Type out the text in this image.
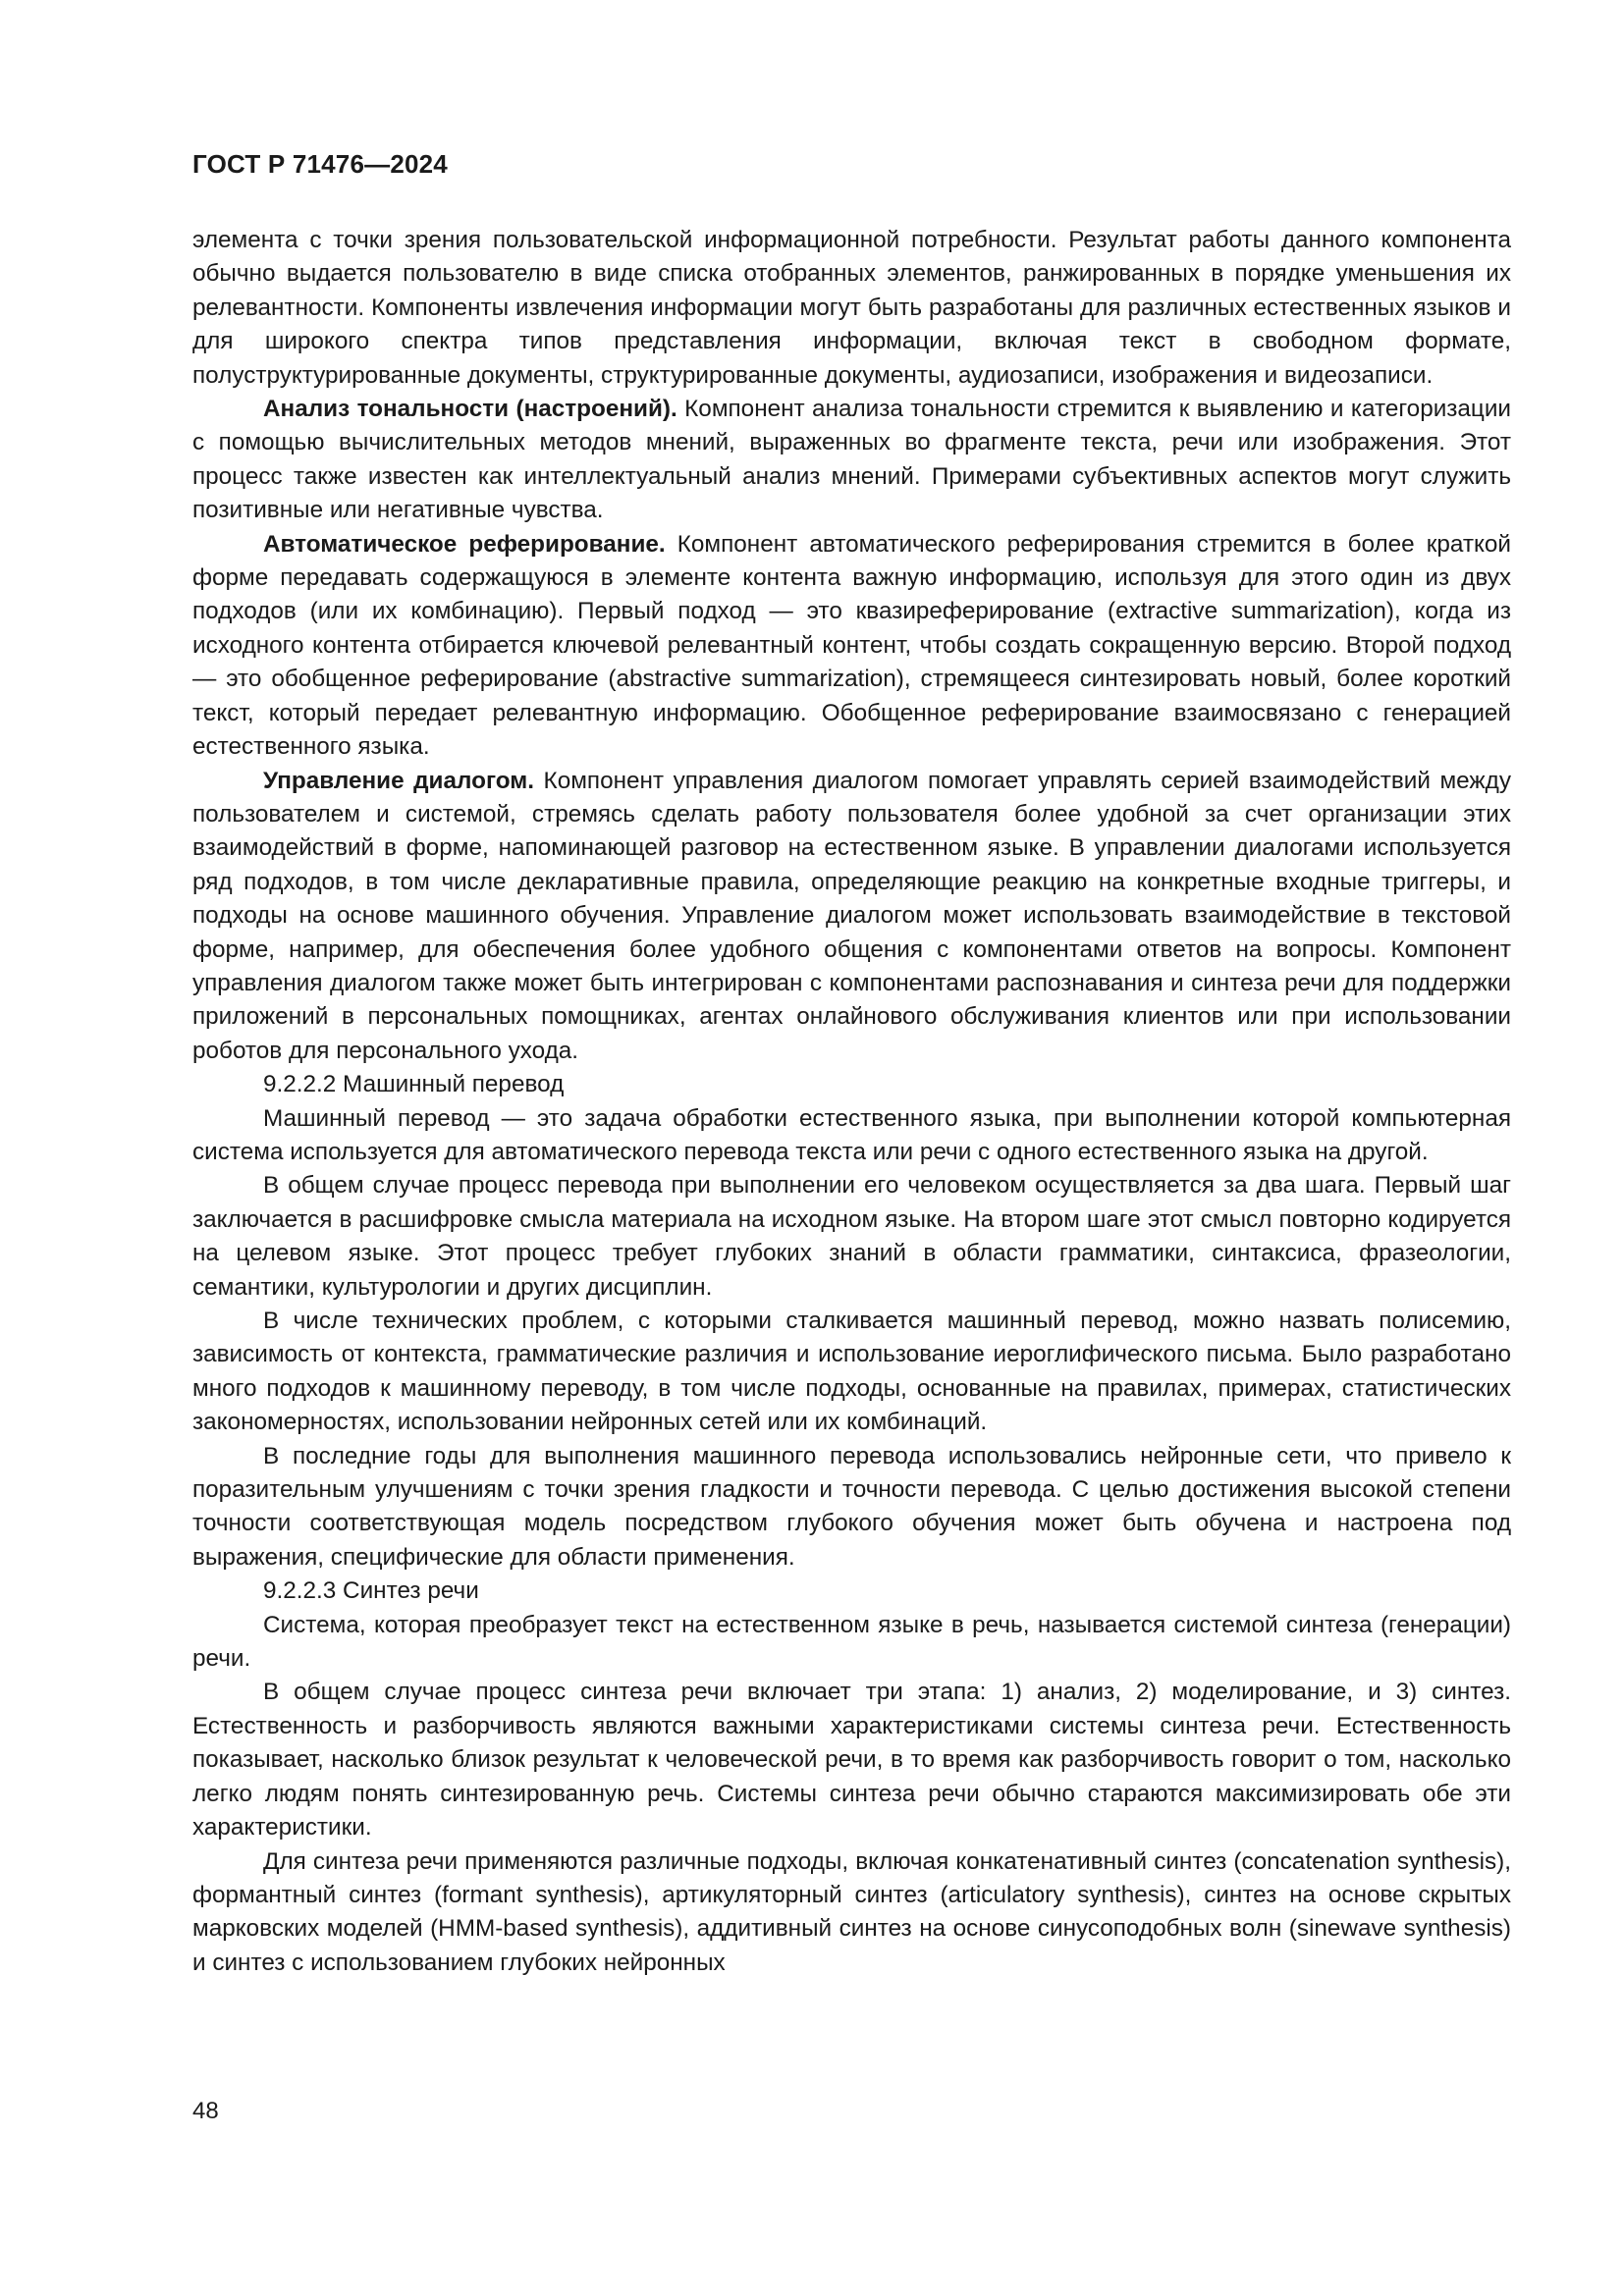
ГОСТ Р 71476—2024

элемента с точки зрения пользовательской информационной потребности. Результат работы данного компонента обычно выдается пользователю в виде списка отобранных элементов, ранжированных в порядке уменьшения их релевантности. Компоненты извлечения информации могут быть разработаны для различных естественных языков и для широкого спектра типов представления информации, включая текст в свободном формате, полуструктурированные документы, структурированные документы, аудиозаписи, изображения и видеозаписи.

Анализ тональности (настроений). Компонент анализа тональности стремится к выявлению и категоризации с помощью вычислительных методов мнений, выраженных во фрагменте текста, речи или изображения. Этот процесс также известен как интеллектуальный анализ мнений. Примерами субъективных аспектов могут служить позитивные или негативные чувства.

Автоматическое реферирование. Компонент автоматического реферирования стремится в более краткой форме передавать содержащуюся в элементе контента важную информацию, используя для этого один из двух подходов (или их комбинацию). Первый подход — это квазиреферирование (extractive summarization), когда из исходного контента отбирается ключевой релевантный контент, чтобы создать сокращенную версию. Второй подход — это обобщенное реферирование (abstractive summarization), стремящееся синтезировать новый, более короткий текст, который передает релевантную информацию. Обобщенное реферирование взаимосвязано с генерацией естественного языка.

Управление диалогом. Компонент управления диалогом помогает управлять серией взаимодействий между пользователем и системой, стремясь сделать работу пользователя более удобной за счет организации этих взаимодействий в форме, напоминающей разговор на естественном языке. В управлении диалогами используется ряд подходов, в том числе декларативные правила, определяющие реакцию на конкретные входные триггеры, и подходы на основе машинного обучения. Управление диалогом может использовать взаимодействие в текстовой форме, например, для обеспечения более удобного общения с компонентами ответов на вопросы. Компонент управления диалогом также может быть интегрирован с компонентами распознавания и синтеза речи для поддержки приложений в персональных помощниках, агентах онлайнового обслуживания клиентов или при использовании роботов для персонального ухода.

9.2.2.2 Машинный перевод

Машинный перевод — это задача обработки естественного языка, при выполнении которой компьютерная система используется для автоматического перевода текста или речи с одного естественного языка на другой.

В общем случае процесс перевода при выполнении его человеком осуществляется за два шага. Первый шаг заключается в расшифровке смысла материала на исходном языке. На втором шаге этот смысл повторно кодируется на целевом языке. Этот процесс требует глубоких знаний в области грамматики, синтаксиса, фразеологии, семантики, культурологии и других дисциплин.

В числе технических проблем, с которыми сталкивается машинный перевод, можно назвать полисемию, зависимость от контекста, грамматические различия и использование иероглифического письма. Было разработано много подходов к машинному переводу, в том числе подходы, основанные на правилах, примерах, статистических закономерностях, использовании нейронных сетей или их комбинаций.

В последние годы для выполнения машинного перевода использовались нейронные сети, что привело к поразительным улучшениям с точки зрения гладкости и точности перевода. С целью достижения высокой степени точности соответствующая модель посредством глубокого обучения может быть обучена и настроена под выражения, специфические для области применения.

9.2.2.3 Синтез речи

Система, которая преобразует текст на естественном языке в речь, называется системой синтеза (генерации) речи.

В общем случае процесс синтеза речи включает три этапа: 1) анализ, 2) моделирование, и 3) синтез. Естественность и разборчивость являются важными характеристиками системы синтеза речи. Естественность показывает, насколько близок результат к человеческой речи, в то время как разборчивость говорит о том, насколько легко людям понять синтезированную речь. Системы синтеза речи обычно стараются максимизировать обе эти характеристики.

Для синтеза речи применяются различные подходы, включая конкатенативный синтез (concatenation synthesis), формантный синтез (formant synthesis), артикуляторный синтез (articulatory synthesis), синтез на основе скрытых марковских моделей (HMM-based synthesis), аддитивный синтез на основе синусоподобных волн (sinewave synthesis) и синтез с использованием глубоких нейронных

48
